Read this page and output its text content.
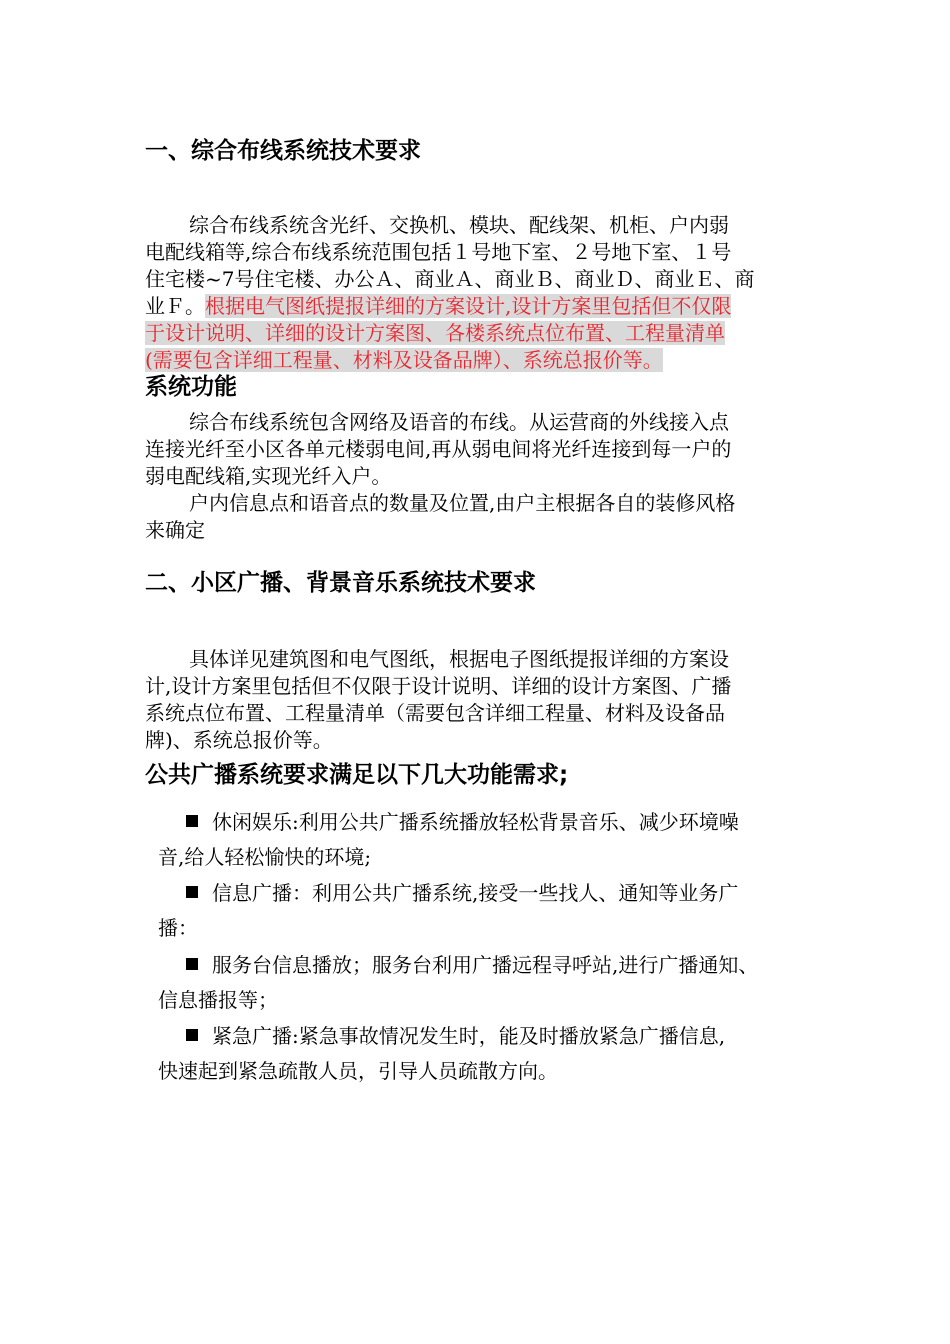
一、综合布线系统技术要求
综合布线系统含光纤、交换机、模块、配线架、机柜、户内弱
电配线箱等,综合布线系统范围包括１号地下室、２号地下室、１号
住宅楼~7号住宅楼、办公Ａ、商业Ａ、商业Ｂ、商业Ｄ、商业Ｅ、商
业Ｆ。根据电气图纸提报详细的方案设计,设计方案里包括但不仅限
于设计说明、详细的设计方案图、各楼系统点位布置、工程量清单
(需要包含详细工程量、材料及设备品牌）、系统总报价等。
系统功能
综合布线系统包含网络及语音的布线。从运营商的外线接入点
连接光纤至小区各单元楼弱电间,再从弱电间将光纤连接到每一户的
弱电配线箱,实现光纤入户。
户内信息点和语音点的数量及位置,由户主根据各自的装修风格
来确定
二、小区广播、背景音乐系统技术要求
具体详见建筑图和电气图纸，根据电子图纸提报详细的方案设
计,设计方案里包括但不仅限于设计说明、详细的设计方案图、广播
系统点位布置、工程量清单（需要包含详细工程量、材料及设备品
牌)、系统总报价等。
公共广播系统要求满足以下几大功能需求;
休闲娱乐:利用公共广播系统播放轻松背景音乐、减少环境噪
音,给人轻松愉快的环境;
信息广播：利用公共广播系统,接受一些找人、通知等业务广
播：
服务台信息播放；服务台利用广播远程寻呼站,进行广播通知、
信息播报等；
紧急广播:紧急事故情况发生时，能及时播放紧急广播信息,
快速起到紧急疏散人员，引导人员疏散方向。
